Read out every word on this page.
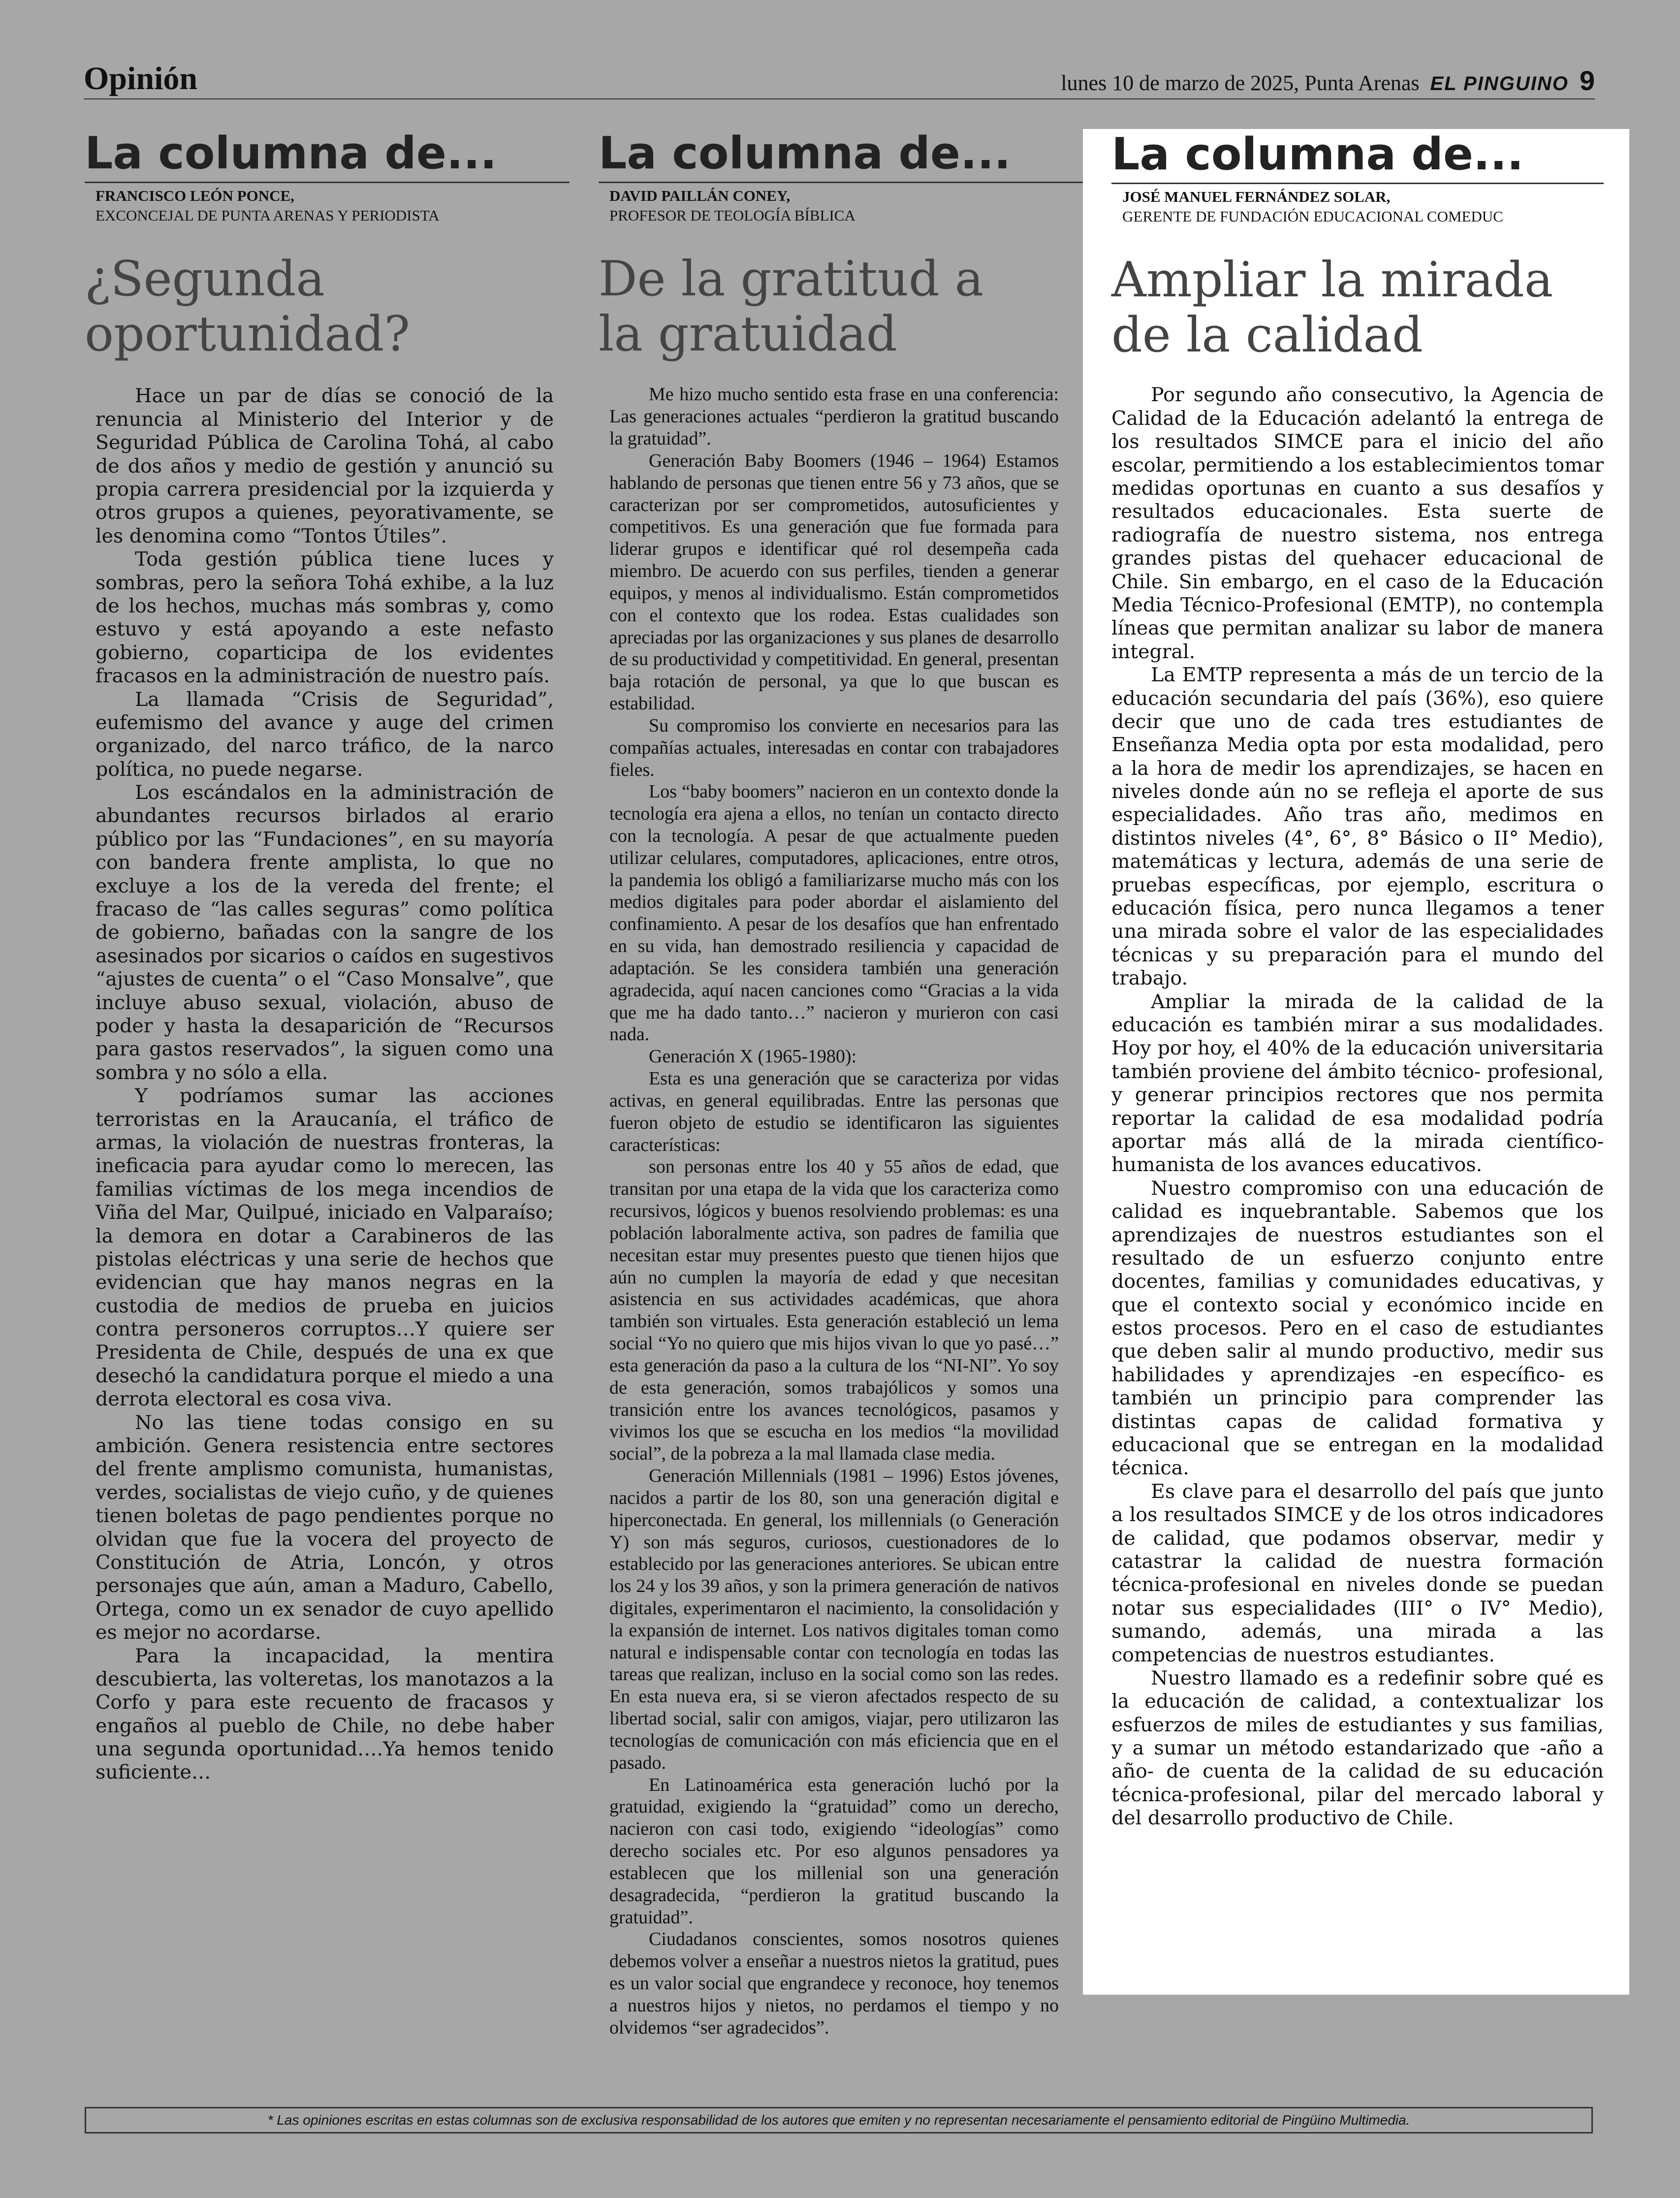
Opinión	lunes 10 de marzo de 2025, Punta Arenas EL PINGUINO 9
La columna de...
FRANCISCO LEÓN PONCE,
EXCONCEJAL DE PUNTA ARENAS Y PERIODISTA
¿Segunda oportunidad?

Hace un par de días se conoció de la renuncia al Ministerio del Interior y de Seguridad Pública de Carolina Tohá, al cabo de dos años y medio de gestión y anunció su propia carrera presidencial por la izquierda y otros grupos a quienes, peyorativamente, se les denomina como “Tontos Útiles”.

Toda gestión pública tiene luces y sombras, pero la señora Tohá exhibe, a la luz de los hechos, muchas más sombras y, como estuvo y está apoyando a este nefasto gobierno, coparticipa de los evidentes fracasos en la administración de nuestro país.

La llamada “Crisis de Seguridad”, eufemismo del avance y auge del crimen organizado, del narco tráfico, de la narco política, no puede negarse.

Los escándalos en la administración de abundantes recursos birlados al erario público por las “Fundaciones”, en su mayoría con bandera frente amplista, lo que no excluye a los de la vereda del frente; el fracaso de “las calles seguras” como política de gobierno, bañadas con la sangre de los asesinados por sicarios o caídos en sugestivos “ajustes de cuenta” o el “Caso Monsalve”, que incluye abuso sexual, violación, abuso de poder y hasta la desaparición de “Recursos para gastos reservados”, la siguen como una sombra y no sólo a ella.

Y podríamos sumar las acciones terroristas en la Araucanía, el tráfico de armas, la violación de nuestras fronteras, la ineficacia para ayudar como lo merecen, las familias víctimas de los mega incendios de Viña del Mar, Quilpué, iniciado en Valparaíso; la demora en dotar a Carabineros de las pistolas eléctricas y una serie de hechos que evidencian que hay manos negras en la custodia de medios de prueba en juicios contra personeros corruptos…Y quiere ser Presidenta de Chile, después de una ex que desechó la candidatura porque el miedo a una derrota electoral es cosa viva.

No las tiene todas consigo en su ambición. Genera resistencia entre sectores del frente amplismo comunista, humanistas, verdes, socialistas de viejo cuño, y de quienes tienen boletas de pago pendientes porque no olvidan que fue la vocera del proyecto de Constitución de Atria, Loncón, y otros personajes que aún, aman a Maduro, Cabello, Ortega, como un ex senador de cuyo apellido es mejor no acordarse.

Para la incapacidad, la mentira descubierta, las volteretas, los manotazos a la Corfo y para este recuento de fracasos y engaños al pueblo de Chile, no debe haber una segunda oportunidad….Ya hemos tenido suficiente…

La columna de...
DAVID PAILLÁN CONEY,
PROFESOR DE TEOLOGÍA BÍBLICA
De la gratitud a la gratuidad

Me hizo mucho sentido esta frase en una conferencia: Las generaciones actuales “perdieron la gratitud buscando la gratuidad”.

Generación Baby Boomers (1946 – 1964) Estamos hablando de personas que tienen entre 56 y 73 años, que se caracterizan por ser comprometidos, autosuficientes y competitivos. Es una generación que fue formada para liderar grupos e identificar qué rol desempeña cada miembro. De acuerdo con sus perfiles, tienden a generar equipos, y menos al individualismo. Están comprometidos con el contexto que los rodea. Estas cualidades son apreciadas por las organizaciones y sus planes de desarrollo de su productividad y competitividad. En general, presentan baja rotación de personal, ya que lo que buscan es estabilidad.

Su compromiso los convierte en necesarios para las compañías actuales, interesadas en contar con trabajadores fieles.

Los “baby boomers” nacieron en un contexto donde la tecnología era ajena a ellos, no tenían un contacto directo con la tecnología. A pesar de que actualmente pueden utilizar celulares, computadores, aplicaciones, entre otros, la pandemia los obligó a familiarizarse mucho más con los medios digitales para poder abordar el aislamiento del confinamiento. A pesar de los desafíos que han enfrentado en su vida, han demostrado resiliencia y capacidad de adaptación. Se les considera también una generación agradecida, aquí nacen canciones como “Gracias a la vida que me ha dado tanto…” nacieron y murieron con casi nada.

Generación X (1965-1980):

Esta es una generación que se caracteriza por vidas activas, en general equilibradas. Entre las personas que fueron objeto de estudio se identificaron las siguientes características:

son personas entre los 40 y 55 años de edad, que transitan por una etapa de la vida que los caracteriza como recursivos, lógicos y buenos resolviendo problemas: es una población laboralmente activa, son padres de familia que necesitan estar muy presentes puesto que tienen hijos que aún no cumplen la mayoría de edad y que necesitan asistencia en sus actividades académicas, que ahora también son virtuales. Esta generación estableció un lema social “Yo no quiero que mis hijos vivan lo que yo pasé…” esta generación da paso a la cultura de los “NI-NI”. Yo soy de esta generación, somos trabajólicos y somos una transición entre los avances tecnológicos, pasamos y vivimos los que se escucha en los medios “la movilidad social”, de la pobreza a la mal llamada clase media.

Generación Millennials (1981 – 1996) Estos jóvenes, nacidos a partir de los 80, son una generación digital e hiperconectada. En general, los millennials (o Generación Y) son más seguros, curiosos, cuestionadores de lo establecido por las generaciones anteriores. Se ubican entre los 24 y los 39 años, y son la primera generación de nativos digitales, experimentaron el nacimiento, la consolidación y la expansión de internet. Los nativos digitales toman como natural e indispensable contar con tecnología en todas las tareas que realizan, incluso en la social como son las redes. En esta nueva era, si se vieron afectados respecto de su libertad social, salir con amigos, viajar, pero utilizaron las tecnologías de comunicación con más eficiencia que en el pasado.

En Latinoamérica esta generación luchó por la gratuidad, exigiendo la “gratuidad” como un derecho, nacieron con casi todo, exigiendo “ideologías” como derecho sociales etc. Por eso algunos pensadores ya establecen que los millenial son una generación desagradecida, “perdieron la gratitud buscando la gratuidad”.

Ciudadanos conscientes, somos nosotros quienes debemos volver a enseñar a nuestros nietos la gratitud, pues es un valor social que engrandece y reconoce, hoy tenemos a nuestros hijos y nietos, no perdamos el tiempo y no olvidemos “ser agradecidos”.

La columna de...
JOSÉ MANUEL FERNÁNDEZ SOLAR,
GERENTE DE FUNDACIÓN EDUCACIONAL COMEDUC
Ampliar la mirada de la calidad

Por segundo año consecutivo, la Agencia de Calidad de la Educación adelantó la entrega de los resultados SIMCE para el inicio del año escolar, permitiendo a los establecimientos tomar medidas oportunas en cuanto a sus desafíos y resultados educacionales. Esta suerte de radiografía de nuestro sistema, nos entrega grandes pistas del quehacer educacional de Chile. Sin embargo, en el caso de la Educación Media Técnico-Profesional (EMTP), no contempla líneas que permitan analizar su labor de manera integral.

La EMTP representa a más de un tercio de la educación secundaria del país (36%), eso quiere decir que uno de cada tres estudiantes de Enseñanza Media opta por esta modalidad, pero a la hora de medir los aprendizajes, se hacen en niveles donde aún no se refleja el aporte de sus especialidades. Año tras año, medimos en distintos niveles (4°, 6°, 8° Básico o II° Medio), matemáticas y lectura, además de una serie de pruebas específicas, por ejemplo, escritura o educación física, pero nunca llegamos a tener una mirada sobre el valor de las especialidades técnicas y su preparación para el mundo del trabajo.

Ampliar la mirada de la calidad de la educación es también mirar a sus modalidades. Hoy por hoy, el 40% de la educación universitaria también proviene del ámbito técnico- profesional, y generar principios rectores que nos permita reportar la calidad de esa modalidad podría aportar más allá de la mirada científico-humanista de los avances educativos.

Nuestro compromiso con una educación de calidad es inquebrantable. Sabemos que los aprendizajes de nuestros estudiantes son el resultado de un esfuerzo conjunto entre docentes, familias y comunidades educativas, y que el contexto social y económico incide en estos procesos. Pero en el caso de estudiantes que deben salir al mundo productivo, medir sus habilidades y aprendizajes -en específico- es también un principio para comprender las distintas capas de calidad formativa y educacional que se entregan en la modalidad técnica.

Es clave para el desarrollo del país que junto a los resultados SIMCE y de los otros indicadores de calidad, que podamos observar, medir y catastrar la calidad de nuestra formación técnica-profesional en niveles donde se puedan notar sus especialidades (III° o IV° Medio), sumando, además, una mirada a las competencias de nuestros estudiantes.

Nuestro llamado es a redefinir sobre qué es la educación de calidad, a contextualizar los esfuerzos de miles de estudiantes y sus familias, y a sumar un método estandarizado que -año a año- de cuenta de la calidad de su educación técnica-profesional, pilar del mercado laboral y del desarrollo productivo de Chile.

* Las opiniones escritas en estas columnas son de exclusiva responsabilidad de los autores que emiten y no representan necesariamente el pensamiento editorial de Pingüino Multimedia.
